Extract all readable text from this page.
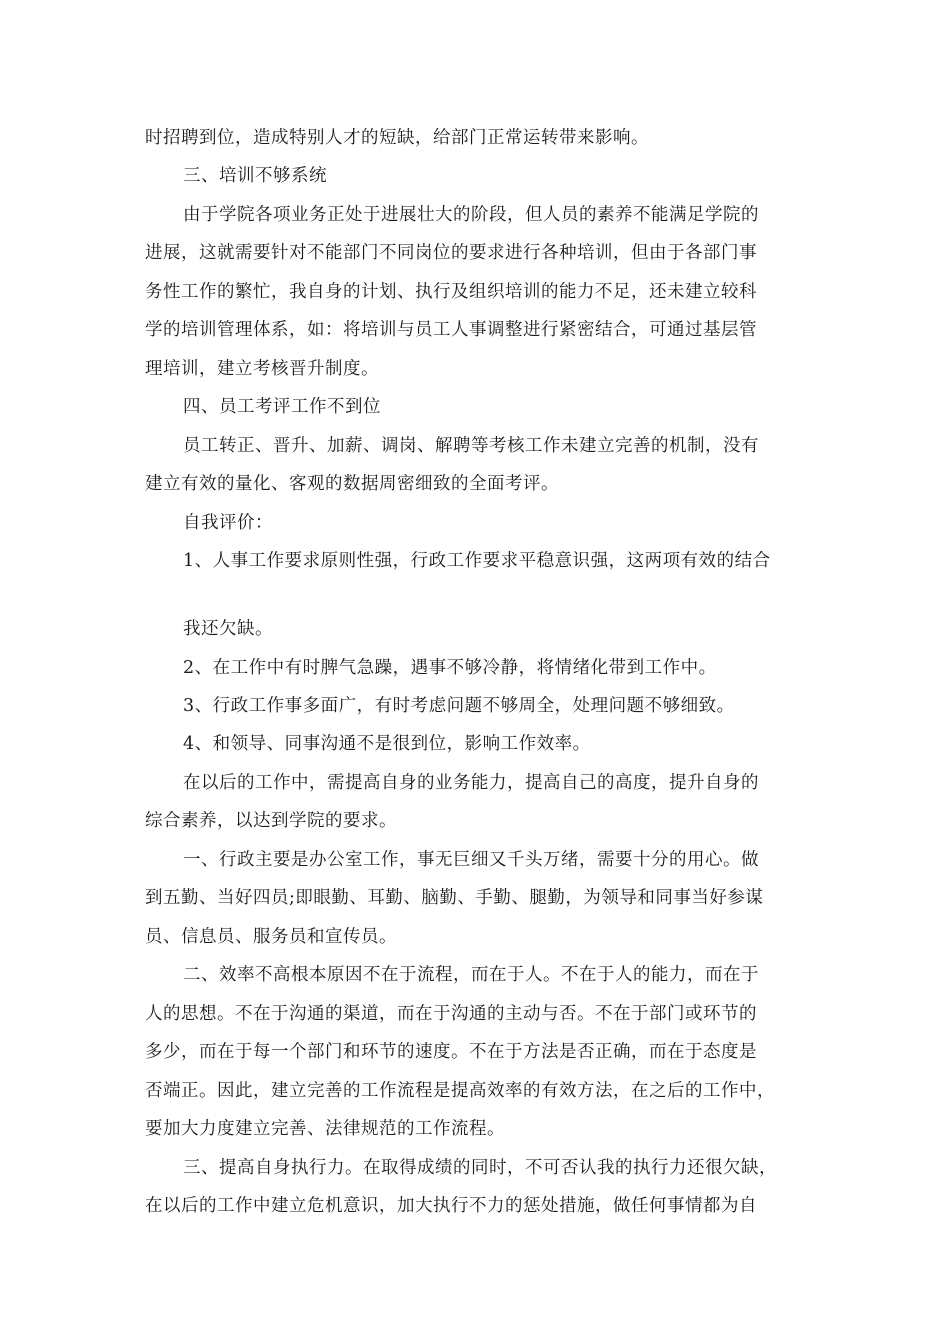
时招聘到位，造成特别人才的短缺，给部门正常运转带来影响。
三、培训不够系统
由于学院各项业务正处于进展壮大的阶段，但人员的素养不能满足学院的
进展，这就需要针对不能部门不同岗位的要求进行各种培训，但由于各部门事
务性工作的繁忙，我自身的计划、执行及组织培训的能力不足，还未建立较科
学的培训管理体系，如：将培训与员工人事调整进行紧密结合，可通过基层管
理培训，建立考核晋升制度。
四、员工考评工作不到位
员工转正、晋升、加薪、调岗、解聘等考核工作未建立完善的机制，没有
建立有效的量化、客观的数据周密细致的全面考评。
自我评价：
1、人事工作要求原则性强，行政工作要求平稳意识强，这两项有效的结合
我还欠缺。
2、在工作中有时脾气急躁，遇事不够冷静，将情绪化带到工作中。
3、行政工作事多面广，有时考虑问题不够周全，处理问题不够细致。
4、和领导、同事沟通不是很到位，影响工作效率。
在以后的工作中，需提高自身的业务能力，提高自己的高度，提升自身的
综合素养，以达到学院的要求。
一、行政主要是办公室工作，事无巨细又千头万绪，需要十分的用心。做
到五勤、当好四员;即眼勤、耳勤、脑勤、手勤、腿勤，为领导和同事当好参谋
员、信息员、服务员和宣传员。
二、效率不高根本原因不在于流程，而在于人。不在于人的能力，而在于
人的思想。不在于沟通的渠道，而在于沟通的主动与否。不在于部门或环节的
多少，而在于每一个部门和环节的速度。不在于方法是否正确，而在于态度是
否端正。因此，建立完善的工作流程是提高效率的有效方法，在之后的工作中，
要加大力度建立完善、法律规范的工作流程。
三、提高自身执行力。在取得成绩的同时，不可否认我的执行力还很欠缺，
在以后的工作中建立危机意识，加大执行不力的惩处措施，做任何事情都为自
